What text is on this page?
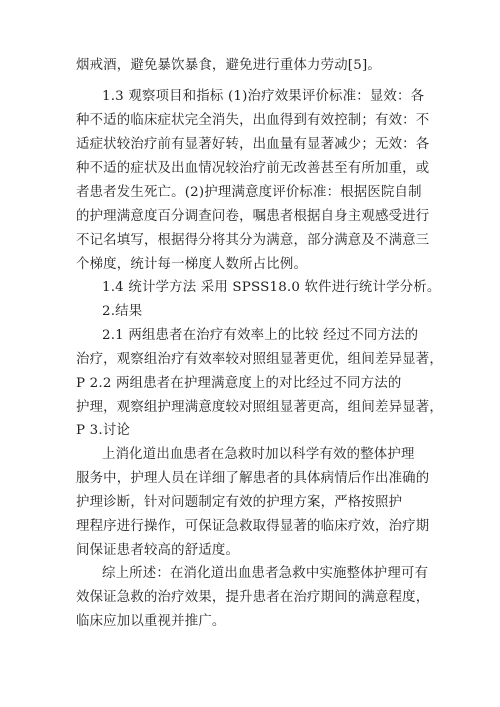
烟戒酒，避免暴饮暴食，避免进行重体力劳动[5]。
1.3 观察项目和指标 (1)治疗效果评价标准：显效：各
种不适的临床症状完全消失，出血得到有效控制；有效：不
适症状较治疗前有显著好转，出血量有显著减少；无效：各
种不适的症状及出血情况较治疗前无改善甚至有所加重，或
者患者发生死亡。(2)护理满意度评价标准：根据医院自制
的护理满意度百分调查问卷，嘱患者根据自身主观感受进行
不记名填写，根据得分将其分为满意，部分满意及不满意三
个梯度，统计每一梯度人数所占比例。
1.4 统计学方法 采用 SPSS18.0 软件进行统计学分析。
2.结果
2.1 两组患者在治疗有效率上的比较 经过不同方法的
治疗，观察组治疗有效率较对照组显著更优，组间差异显著，
P 2.2 两组患者在护理满意度上的对比经过不同方法的
护理，观察组护理满意度较对照组显著更高，组间差异显著，
P 3.讨论
上消化道出血患者在急救时加以科学有效的整体护理
服务中，护理人员在详细了解患者的具体病情后作出准确的
护理诊断，针对问题制定有效的护理方案，严格按照护
理程序进行操作，可保证急救取得显著的临床疗效，治疗期
间保证患者较高的舒适度。
综上所述：在消化道出血患者急救中实施整体护理可有
效保证急救的治疗效果，提升患者在治疗期间的满意程度，
临床应加以重视并推广。
